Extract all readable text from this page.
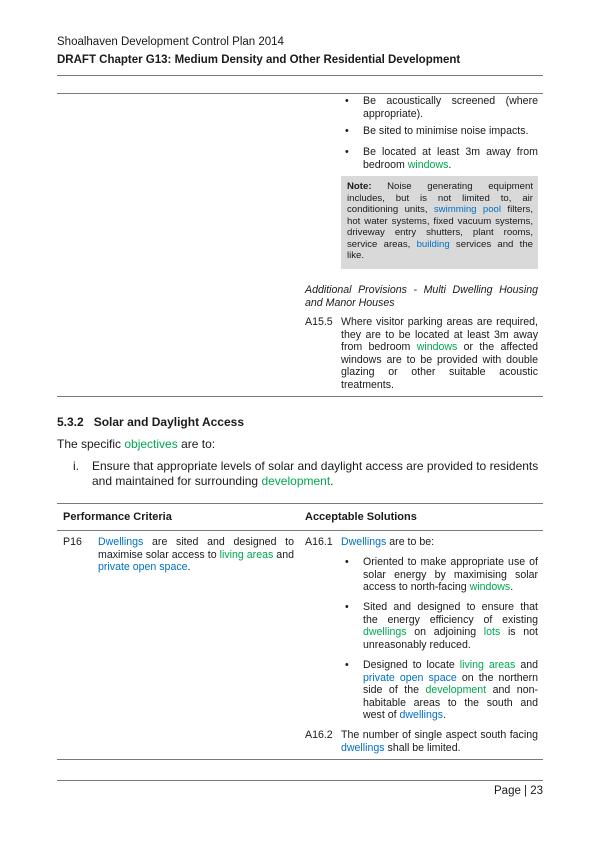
Shoalhaven Development Control Plan 2014
DRAFT Chapter G13: Medium Density and Other Residential Development
• Be acoustically screened (where appropriate).
• Be sited to minimise noise impacts.
• Be located at least 3m away from bedroom windows.
Note: Noise generating equipment includes, but is not limited to, air conditioning units, swimming pool filters, hot water systems, fixed vacuum systems, driveway entry shutters, plant rooms, service areas, building services and the like.
Additional Provisions - Multi Dwelling Housing and Manor Houses
A15.5 Where visitor parking areas are required, they are to be located at least 3m away from bedroom windows or the affected windows are to be provided with double glazing or other suitable acoustic treatments.
5.3.2 Solar and Daylight Access
The specific objectives are to:
i. Ensure that appropriate levels of solar and daylight access are provided to residents and maintained for surrounding development.
Performance Criteria	Acceptable Solutions
P16 Dwellings are sited and designed to maximise solar access to living areas and private open space.
A16.1 Dwellings are to be:
• Oriented to make appropriate use of solar energy by maximising solar access to north-facing windows.
• Sited and designed to ensure that the energy efficiency of existing dwellings on adjoining lots is not unreasonably reduced.
• Designed to locate living areas and private open space on the northern side of the development and non-habitable areas to the south and west of dwellings.
A16.2 The number of single aspect south facing dwellings shall be limited.
Page | 23
